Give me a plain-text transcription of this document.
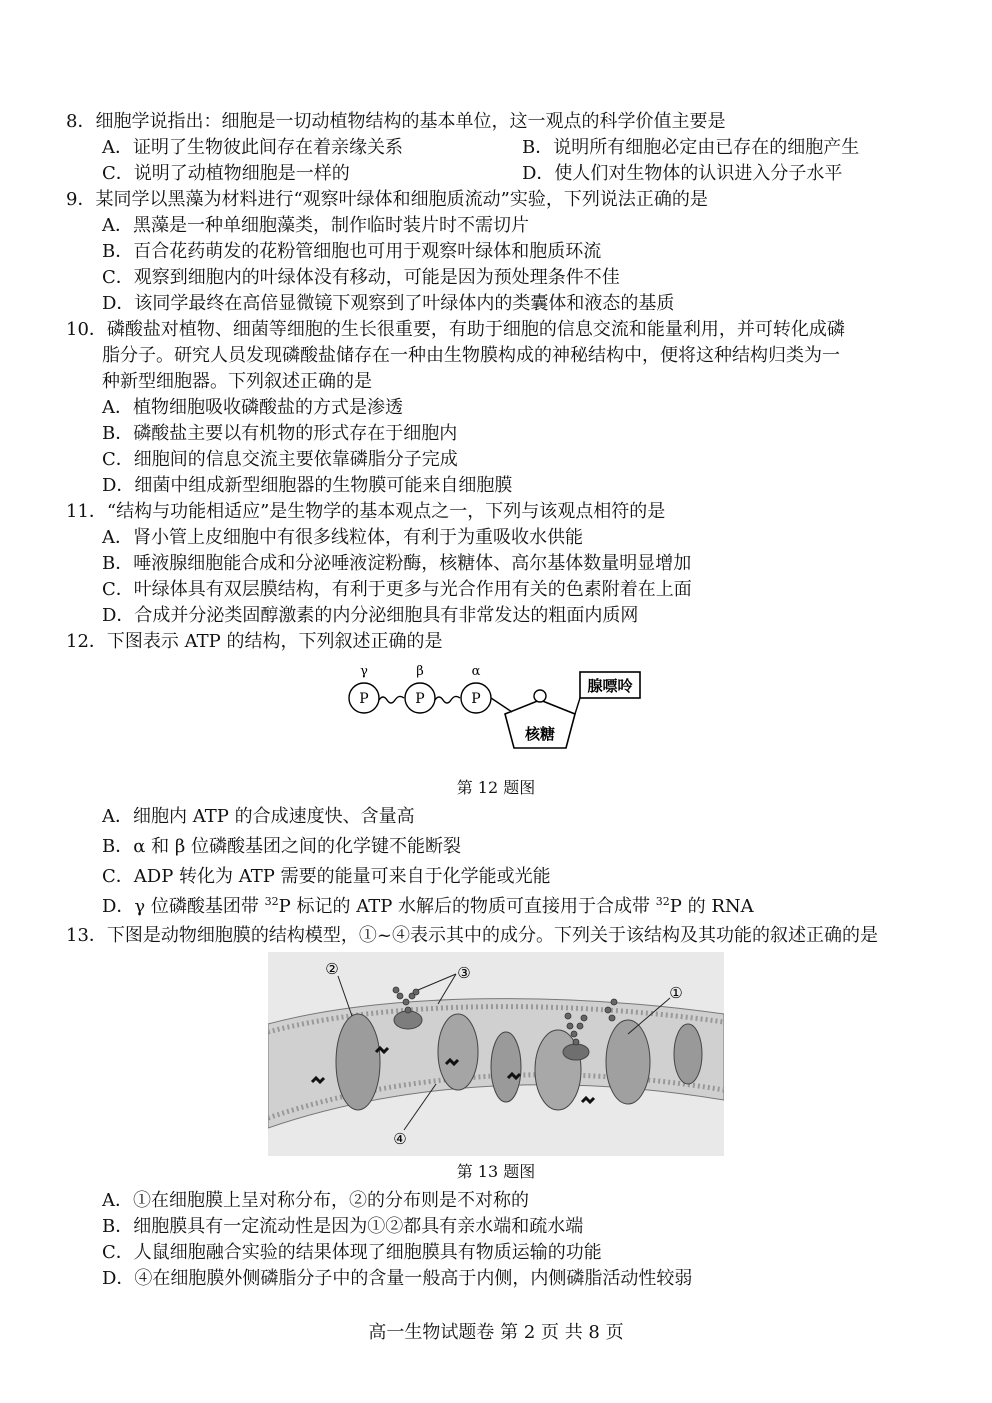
8．细胞学说指出：细胞是一切动植物结构的基本单位，这一观点的科学价值主要是
A．证明了生物彼此间存在着亲缘关系	B．说明所有细胞必定由已存在的细胞产生
C．说明了动植物细胞是一样的	D．使人们对生物体的认识进入分子水平
9．某同学以黑藻为材料进行“观察叶绿体和细胞质流动”实验，下列说法正确的是
A．黑藻是一种单细胞藻类，制作临时装片时不需切片
B．百合花药萌发的花粉管细胞也可用于观察叶绿体和胞质环流
C．观察到细胞内的叶绿体没有移动，可能是因为预处理条件不佳
D．该同学最终在高倍显微镜下观察到了叶绿体内的类囊体和液态的基质
10．磷酸盐对植物、细菌等细胞的生长很重要，有助于细胞的信息交流和能量利用，并可转化成磷
脂分子。研究人员发现磷酸盐储存在一种由生物膜构成的神秘结构中，便将这种结构归类为一
种新型细胞器。下列叙述正确的是
A．植物细胞吸收磷酸盐的方式是渗透
B．磷酸盐主要以有机物的形式存在于细胞内
C．细胞间的信息交流主要依靠磷脂分子完成
D．细菌中组成新型细胞器的生物膜可能来自细胞膜
11．“结构与功能相适应”是生物学的基本观点之一，下列与该观点相符的是
A．肾小管上皮细胞中有很多线粒体，有利于为重吸收水供能
B．唾液腺细胞能合成和分泌唾液淀粉酶，核糖体、高尔基体数量明显增加
C．叶绿体具有双层膜结构，有利于更多与光合作用有关的色素附着在上面
D．合成并分泌类固醇激素的内分泌细胞具有非常发达的粗面内质网
12．下图表示 ATP 的结构，下列叙述正确的是
γ	β	α
P	P	P
核糖
腺嘌呤
第 12 题图
A．细胞内 ATP 的合成速度快、含量高
B．α 和 β 位磷酸基团之间的化学键不能断裂
C．ADP 转化为 ATP 需要的能量可来自于化学能或光能
D．γ 位磷酸基团带 $^{32}$P 标记的 ATP 水解后的物质可直接用于合成带 $^{32}$P 的 RNA
13．下图是动物细胞膜的结构模型，①~④表示其中的成分。下列关于该结构及其功能的叙述正确的是
②	③
①
④
第 13 题图
A．①在细胞膜上呈对称分布，②的分布则是不对称的
B．细胞膜具有一定流动性是因为①②都具有亲水端和疏水端
C．人鼠细胞融合实验的结果体现了细胞膜具有物质运输的功能
D．④在细胞膜外侧磷脂分子中的含量一般高于内侧，内侧磷脂活动性较弱
高一生物试题卷 第 2 页 共 8 页
